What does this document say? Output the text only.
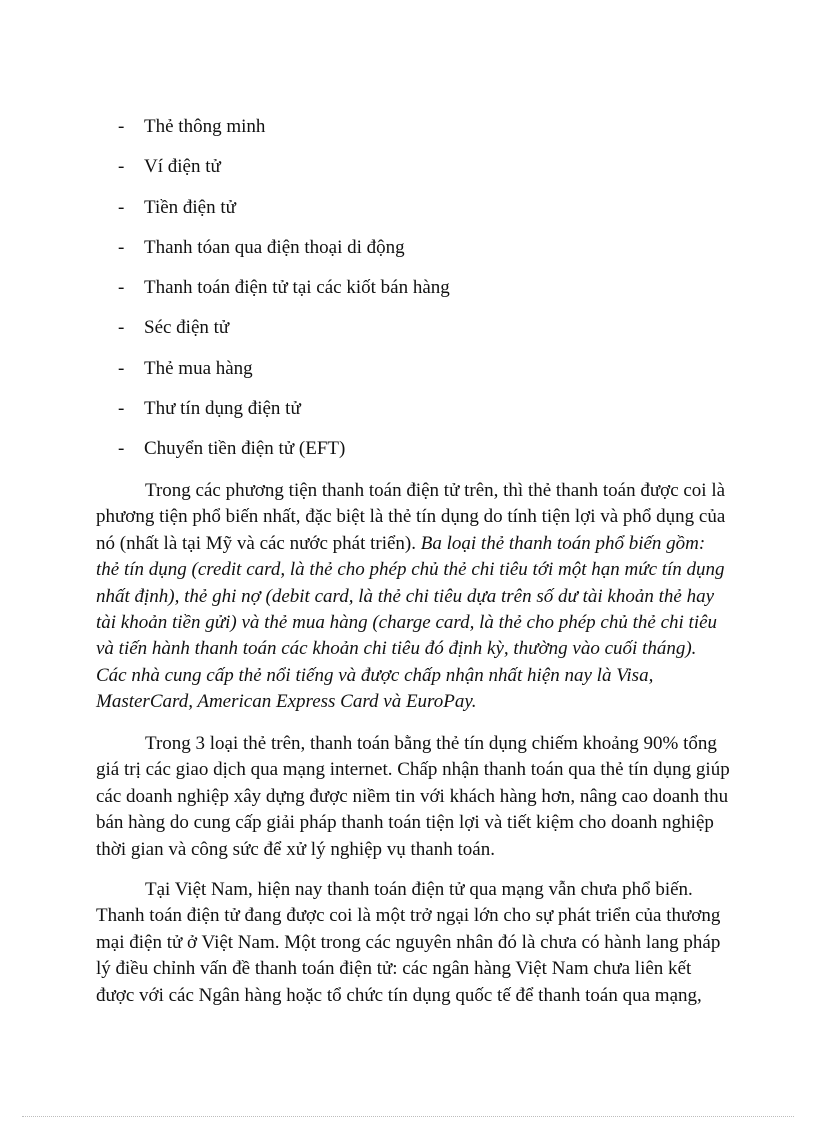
-	Thẻ thông minh
-	Ví điện tử
-	Tiền điện tử
-	Thanh tóan qua điện thoại di động
-	Thanh toán điện tử tại các kiốt bán hàng
-	Séc điện tử
-	Thẻ mua hàng
-	Thư tín dụng điện tử
-	Chuyển tiền điện tử (EFT)

Trong các phương tiện thanh toán điện tử trên, thì thẻ thanh toán được coi là
phương tiện phổ biến nhất, đặc biệt là thẻ tín dụng do tính tiện lợi và phổ dụng của
nó (nhất là tại Mỹ và các nước phát triển). Ba loại thẻ thanh toán phổ biến gồm:
thẻ tín dụng (credit card, là thẻ cho phép chủ thẻ chi tiêu tới một hạn mức tín dụng
nhất định), thẻ ghi nợ (debit card, là thẻ chi tiêu dựa trên số dư tài khoản thẻ hay
tài khoản tiền gửi) và thẻ mua hàng (charge card, là thẻ cho phép chủ thẻ chi tiêu
và tiến hành thanh toán các khoản chi tiêu đó định kỳ, thường vào cuối tháng).
Các nhà cung cấp thẻ nổi tiếng và được chấp nhận nhất hiện nay là Visa,
MasterCard, American Express Card và EuroPay.

Trong 3 loại thẻ trên, thanh toán bằng thẻ tín dụng chiếm khoảng 90% tổng
giá trị các giao dịch qua mạng internet. Chấp nhận thanh toán qua thẻ tín dụng giúp
các doanh nghiệp xây dựng được niềm tin với khách hàng hơn, nâng cao doanh thu
bán hàng do cung cấp giải pháp thanh toán tiện lợi và tiết kiệm cho doanh nghiệp
thời gian và công sức để xử lý nghiệp vụ thanh toán.

Tại Việt Nam, hiện nay thanh toán điện tử qua mạng vẫn chưa phổ biến.
Thanh toán điện tử đang được coi là một trở ngại lớn cho sự phát triển của thương
mại điện tử ở Việt Nam. Một trong các nguyên nhân đó là chưa có hành lang pháp
lý điều chỉnh vấn đề thanh toán điện tử: các ngân hàng Việt Nam chưa liên kết
được với các Ngân hàng hoặc tổ chức tín dụng quốc tế để thanh toán qua mạng,
